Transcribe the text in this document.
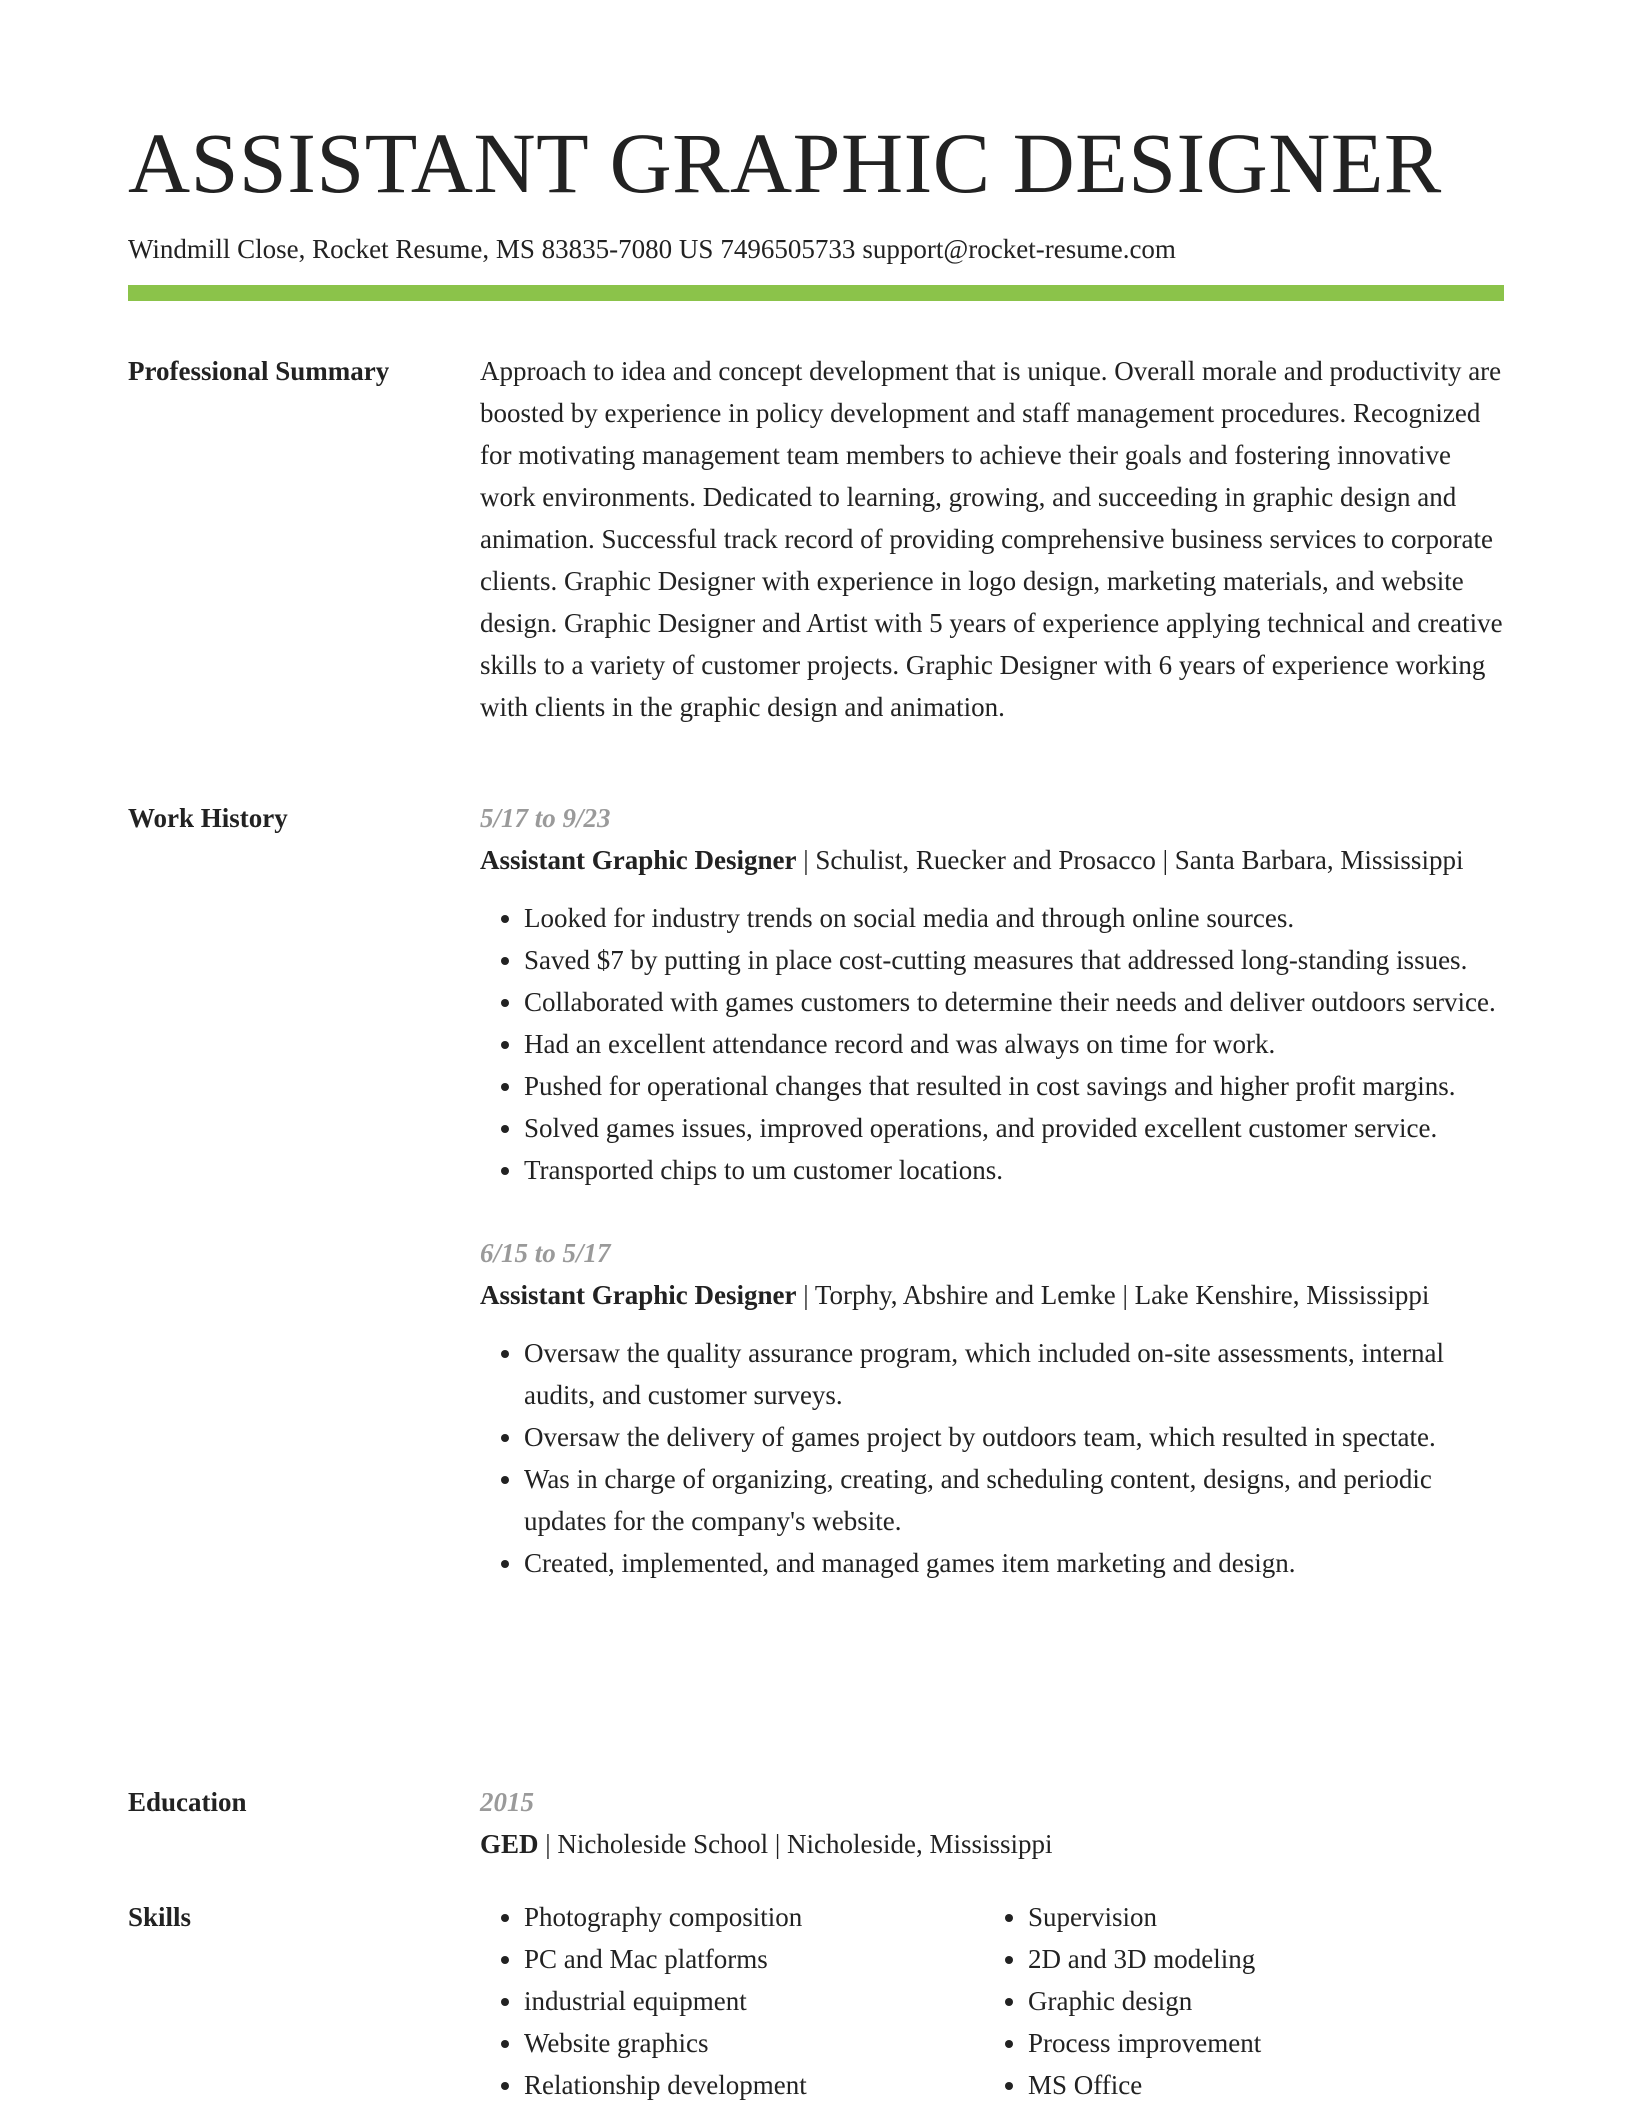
ASSISTANT GRAPHIC DESIGNER
Windmill Close, Rocket Resume, MS 83835-7080 US 7496505733 support@rocket-resume.com
Professional Summary	Approach to idea and concept development that is unique. Overall morale and productivity are boosted by experience in policy development and staff management procedures. Recognized for motivating management team members to achieve their goals and fostering innovative work environments. Dedicated to learning, growing, and succeeding in graphic design and animation. Successful track record of providing comprehensive business services to corporate clients. Graphic Designer with experience in logo design, marketing materials, and website design. Graphic Designer and Artist with 5 years of experience applying technical and creative skills to a variety of customer projects. Graphic Designer with 6 years of experience working with clients in the graphic design and animation.

Work History	5/17 to 9/23

Assistant Graphic Designer | Schulist, Ruecker and Prosacco | Santa Barbara, Mississippi

• Looked for industry trends on social media and through online sources.
• Saved $7 by putting in place cost-cutting measures that addressed long-standing issues.
• Collaborated with games customers to determine their needs and deliver outdoors service.
• Had an excellent attendance record and was always on time for work.
• Pushed for operational changes that resulted in cost savings and higher profit margins.
• Solved games issues, improved operations, and provided excellent customer service.
• Transported chips to um customer locations.

6/15 to 5/17

Assistant Graphic Designer | Torphy, Abshire and Lemke | Lake Kenshire, Mississippi

• Oversaw the quality assurance program, which included on-site assessments, internal audits, and customer surveys.
• Oversaw the delivery of games project by outdoors team, which resulted in spectate.
• Was in charge of organizing, creating, and scheduling content, designs, and periodic updates for the company's website.
• Created, implemented, and managed games item marketing and design.
Education	2015

GED | Nicholeside School | Nicholeside, Mississippi

Skills
•	Photography composition
• PC and Mac platforms
• industrial equipment
• Website graphics
• Relationship development
• Supervision
• 2D and 3D modeling
• Graphic design
• Process improvement
• MS Office
